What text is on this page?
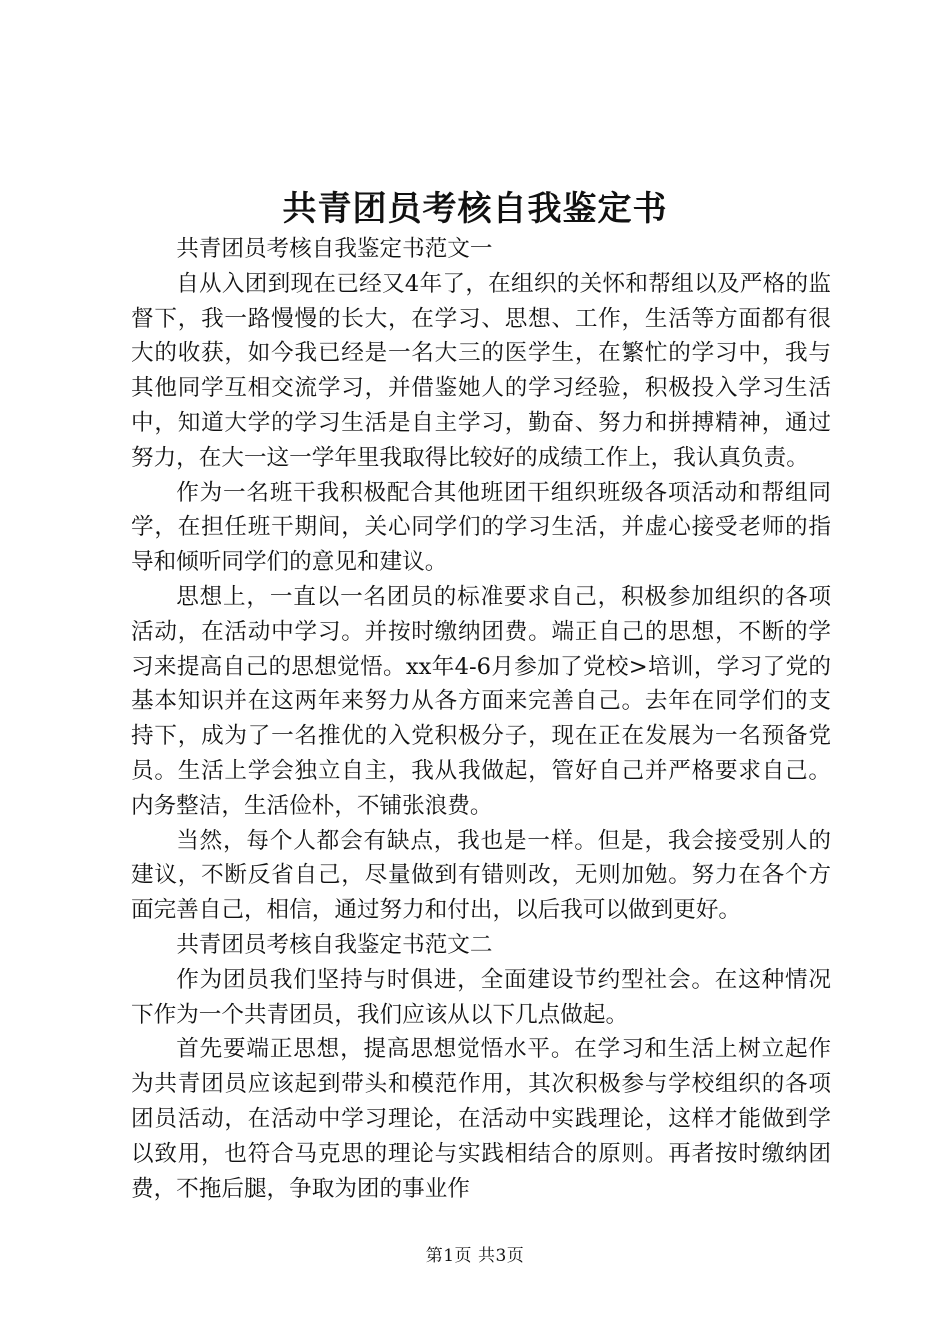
共青团员考核自我鉴定书

共青团员考核自我鉴定书范文一

自从入团到现在已经又4年了，在组织的关怀和帮组以及严格的监督下，我一路慢慢的长大，在学习、思想、工作，生活等方面都有很大的收获，如今我已经是一名大三的医学生，在繁忙的学习中，我与其他同学互相交流学习，并借鉴她人的学习经验，积极投入学习生活中，知道大学的学习生活是自主学习，勤奋、努力和拼搏精神，通过努力，在大一这一学年里我取得比较好的成绩工作上，我认真负责。

作为一名班干我积极配合其他班团干组织班级各项活动和帮组同学，在担任班干期间，关心同学们的学习生活，并虚心接受老师的指导和倾听同学们的意见和建议。

思想上，一直以一名团员的标准要求自己，积极参加组织的各项活动，在活动中学习。并按时缴纳团费。端正自己的思想，不断的学习来提高自己的思想觉悟。xx年4-6月参加了党校>培训，学习了党的基本知识并在这两年来努力从各方面来完善自己。去年在同学们的支持下，成为了一名推优的入党积极分子，现在正在发展为一名预备党员。生活上学会独立自主，我从我做起，管好自己并严格要求自己。内务整洁，生活俭朴，不铺张浪费。

当然，每个人都会有缺点，我也是一样。但是，我会接受别人的建议，不断反省自己，尽量做到有错则改，无则加勉。努力在各个方面完善自己，相信，通过努力和付出，以后我可以做到更好。

共青团员考核自我鉴定书范文二

作为团员我们坚持与时俱进，全面建设节约型社会。在这种情况下作为一个共青团员，我们应该从以下几点做起。

首先要端正思想，提高思想觉悟水平。在学习和生活上树立起作为共青团员应该起到带头和模范作用，其次积极参与学校组织的各项团员活动，在活动中学习理论，在活动中实践理论，这样才能做到学以致用，也符合马克思的理论与实践相结合的原则。再者按时缴纳团费，不拖后腿，争取为团的事业作

第1页 共3页
